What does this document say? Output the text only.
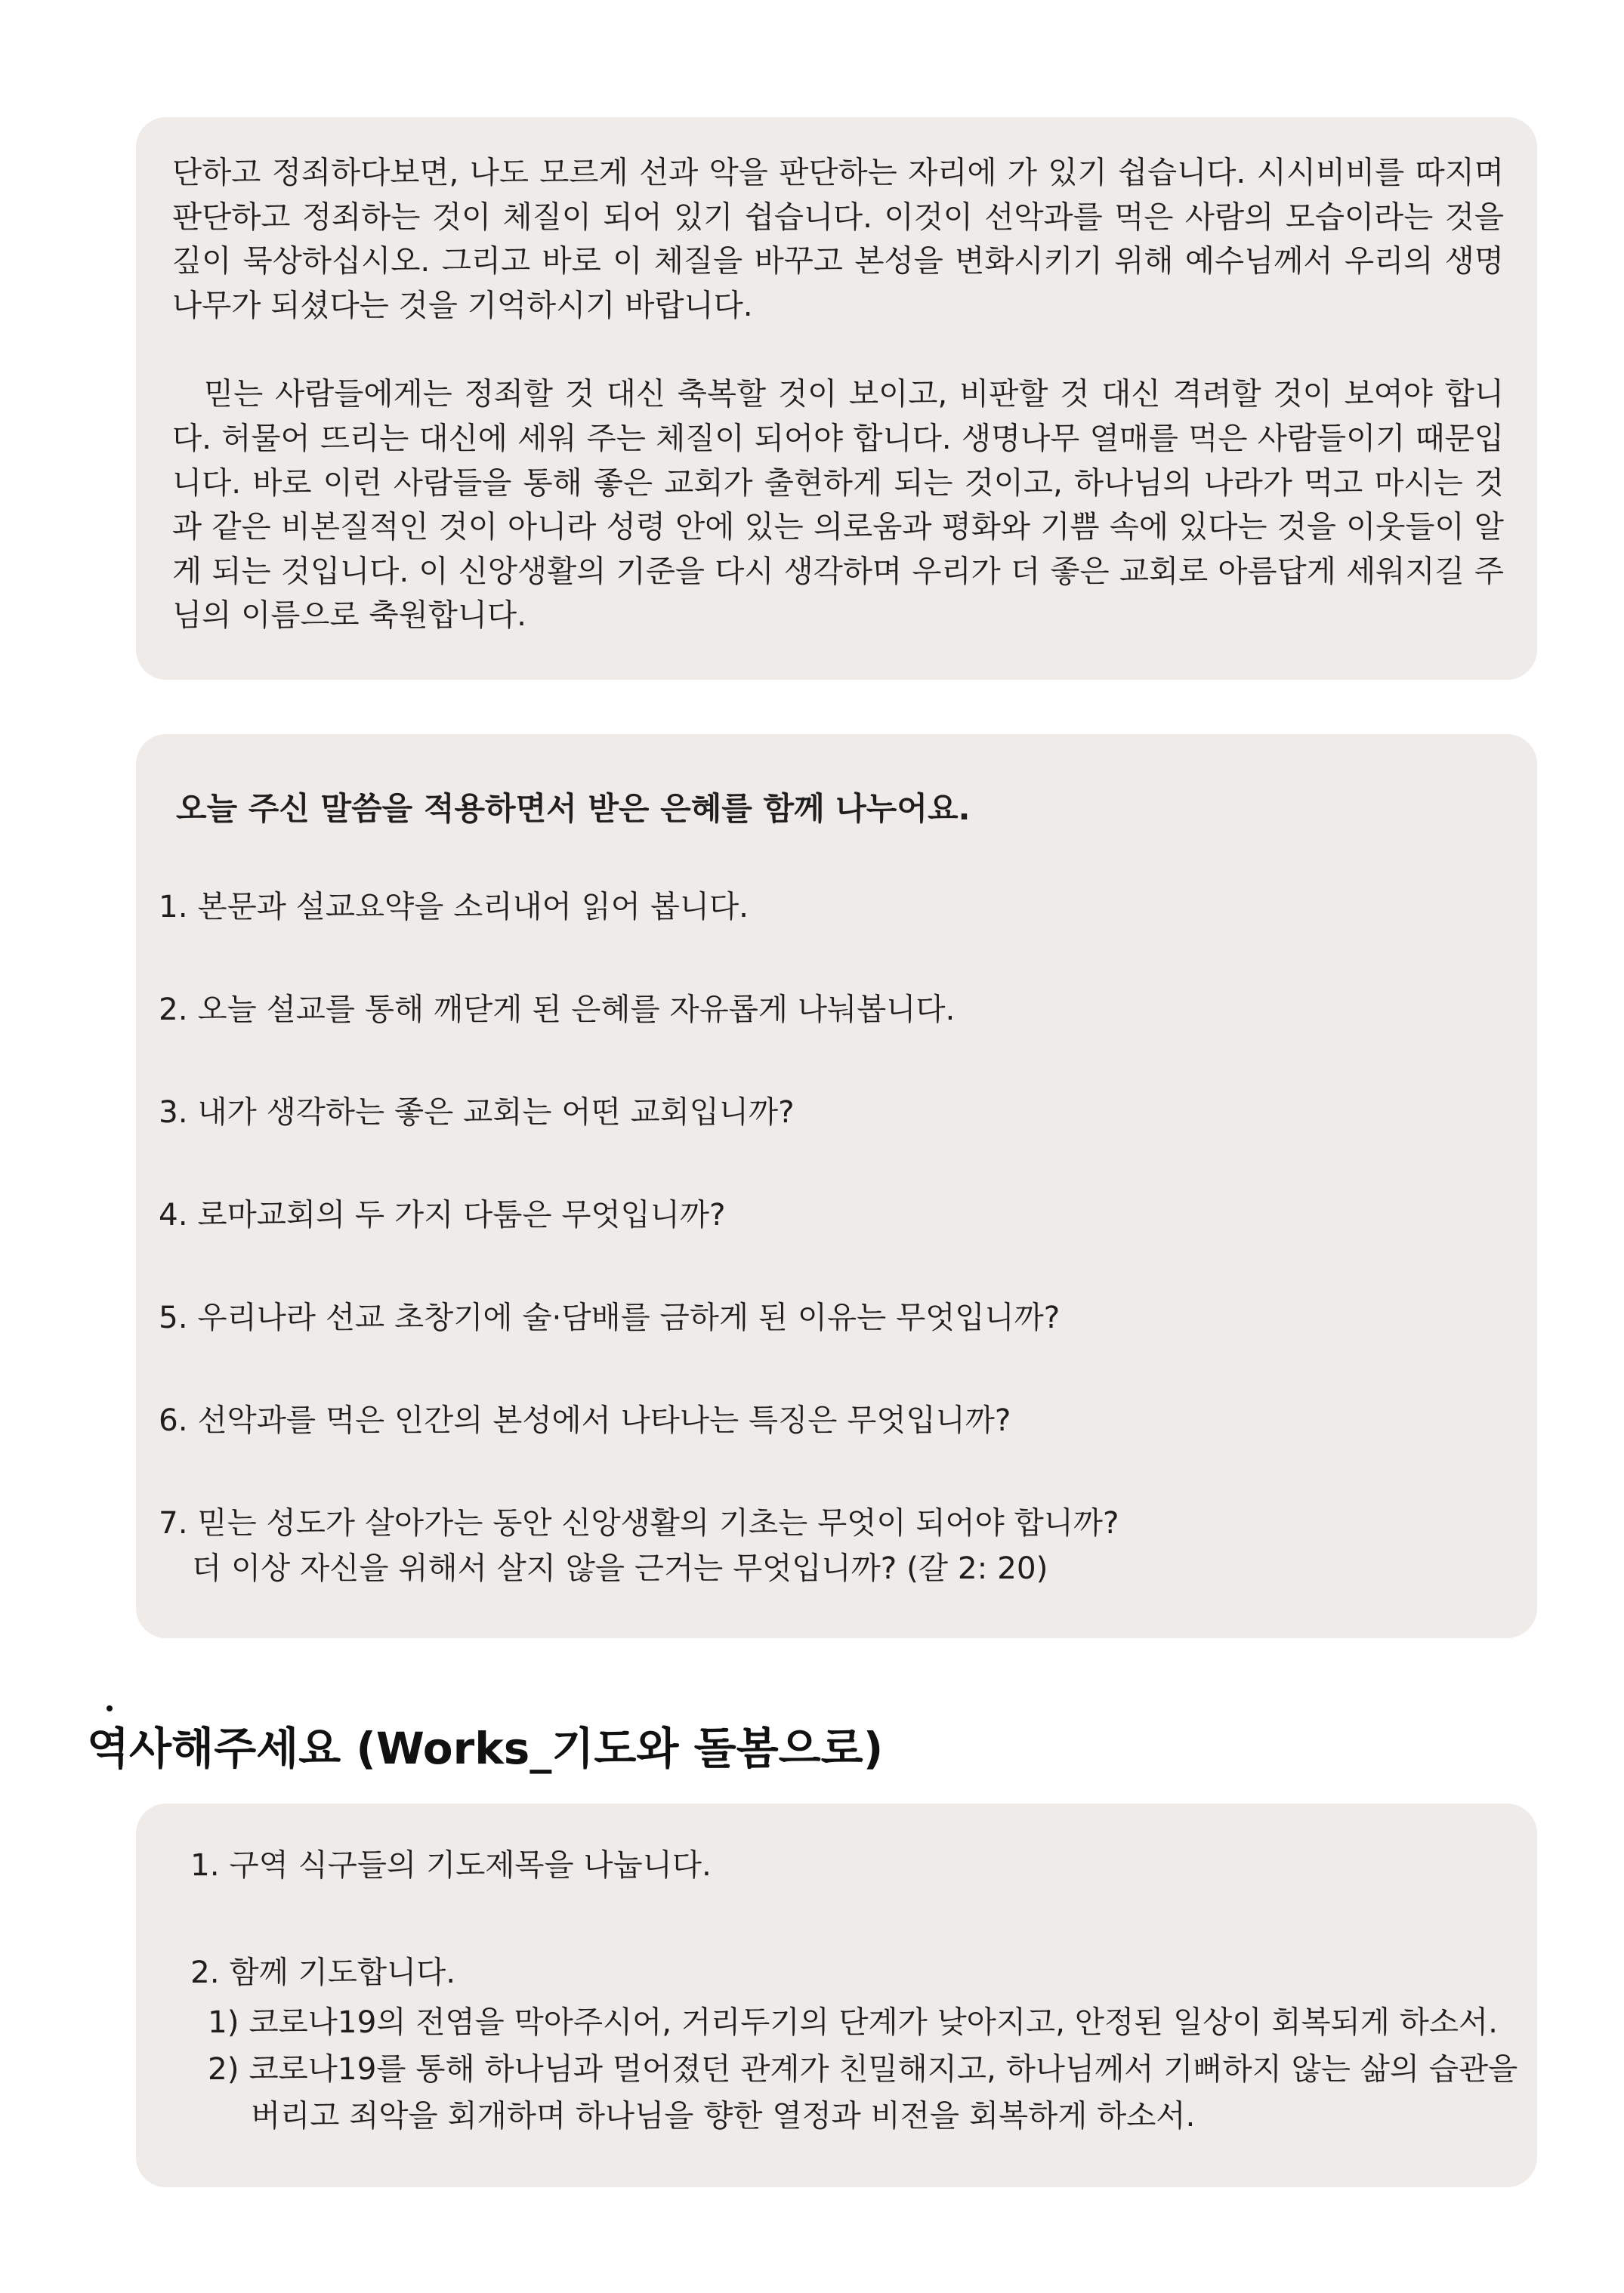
단하고 정죄하다보면, 나도 모르게 선과 악을 판단하는 자리에 가 있기 쉽습니다. 시시비비를 따지며 판단하고 정죄하는 것이 체질이 되어 있기 쉽습니다. 이것이 선악과를 먹은 사람의 모습이라는 것을 깊이 묵상하십시오. 그리고 바로 이 체질을 바꾸고 본성을 변화시키기 위해 예수님께서 우리의 생명나무가 되셨다는 것을 기억하시기 바랍니다.

믿는 사람들에게는 정죄할 것 대신 축복할 것이 보이고, 비판할 것 대신 격려할 것이 보여야 합니다. 허물어 뜨리는 대신에 세워 주는 체질이 되어야 합니다. 생명나무 열매를 먹은 사람들이기 때문입니다. 바로 이런 사람들을 통해 좋은 교회가 출현하게 되는 것이고, 하나님의 나라가 먹고 마시는 것과 같은 비본질적인 것이 아니라 성령 안에 있는 의로움과 평화와 기쁨 속에 있다는 것을 이웃들이 알게 되는 것입니다. 이 신앙생활의 기준을 다시 생각하며 우리가 더 좋은 교회로 아름답게 세워지길 주님의 이름으로 축원합니다.

오늘 주신 말씀을 적용하면서 받은 은혜를 함께 나누어요.

1. 본문과 설교요약을 소리내어 읽어 봅니다.

2. 오늘 설교를 통해 깨닫게 된 은혜를 자유롭게 나눠봅니다.

3. 내가 생각하는 좋은 교회는 어떤 교회입니까?

4. 로마교회의 두 가지 다툼은 무엇입니까?

5. 우리나라 선교 초창기에 술·담배를 금하게 된 이유는 무엇입니까?

6. 선악과를 먹은 인간의 본성에서 나타나는 특징은 무엇입니까?

7. 믿는 성도가 살아가는 동안 신앙생활의 기초는 무엇이 되어야 합니까?

더 이상 자신을 위해서 살지 않을 근거는 무엇입니까? (갈 2: 20)

역사해주세요 (Works_기도와 돌봄으로)

1. 구역 식구들의 기도제목을 나눕니다.

2. 함께 기도합니다.

1) 코로나19의 전염을 막아주시어, 거리두기의 단계가 낮아지고, 안정된 일상이 회복되게 하소서.

2) 코로나19를 통해 하나님과 멀어졌던 관계가 친밀해지고, 하나님께서 기뻐하지 않는 삶의 습관을

버리고 죄악을 회개하며 하나님을 향한 열정과 비전을 회복하게 하소서.
